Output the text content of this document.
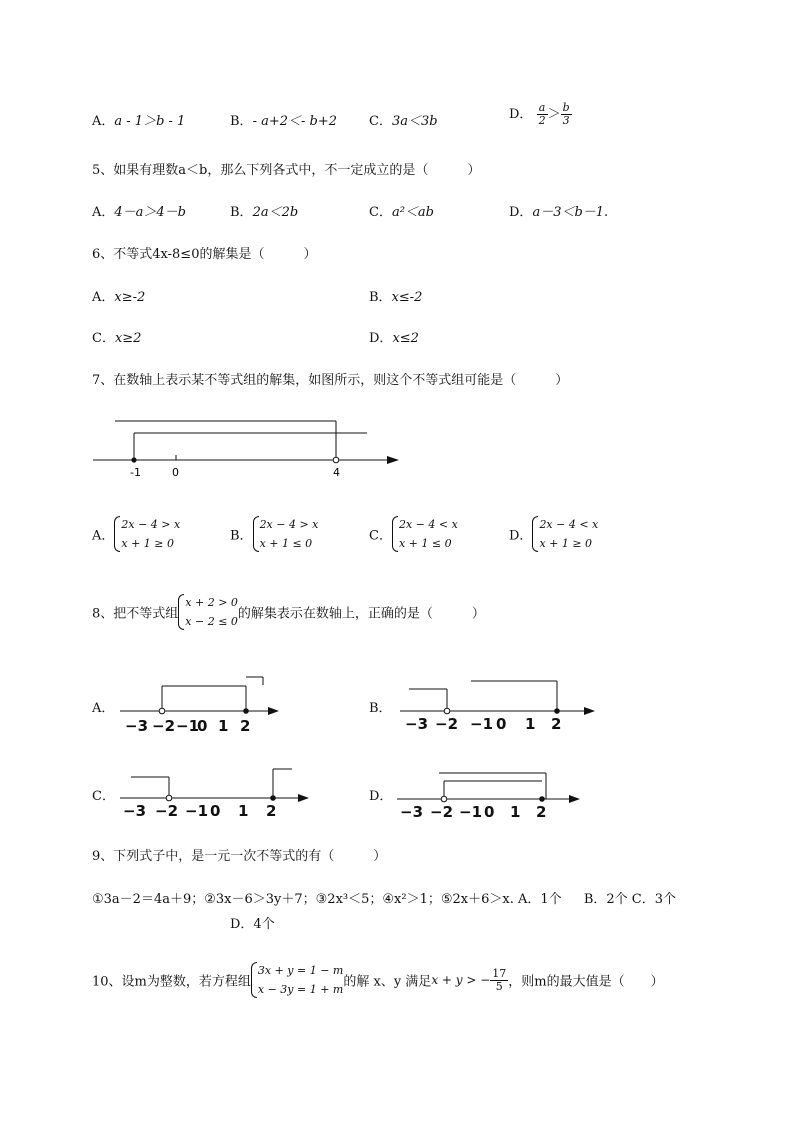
A．a - 1＞b - 1	B．- a+2＜- b+2 C．3a＜3b	D． $\frac{a}{2} > \frac{b}{3}$
5、如果有理数a＜b，那么下列各式中，不一定成立的是（　　　）
A．4－a＞4－b	B．2a＜2b	C．a²＜ab	D．a－3＜b－1.
6、不等式4x-8≤0的解集是（　　　）
A．x≥-2	B．x≤-2
C．x≥2	D．x≤2
7、在数轴上表示某不等式组的解集，如图所示，则这个不等式组可能是（　　　）
-1	0	4
A．
2x − 4 > x
x + 1 ≥ 0	B．
2x − 4 > x
x + 1 ≤ 0	C．
2x − 4 < x
x + 1 ≤ 0	D．
2x − 4 < x
x + 1 ≥ 0
8、把不等式组
x + 2 > 0
x − 2 ≤ 0 的解集表示在数轴上，正确的是（　　　）
A．
−3 −2 −1
0 1 2
B．
−3 −2 −1 0 1 2
C．
−3 −2 −1 0 1 2
D．
−3 −2 −1 0 1 2
9、下列式子中，是一元一次不等式的有（　　　）
①3a－2＝4a＋9；②3x－6＞3y＋7；③2x³＜5；④x²＞1；⑤2x＋6＞x. A．1个 B．2个 C．3个
D．4个
10、设m为整数，若方程组
3x + y = 1 − m
x − 3y = 1 + m 的解 x、y 满足x + y > − $\frac{17}{5}$ ，则m的最大值是（　　）
